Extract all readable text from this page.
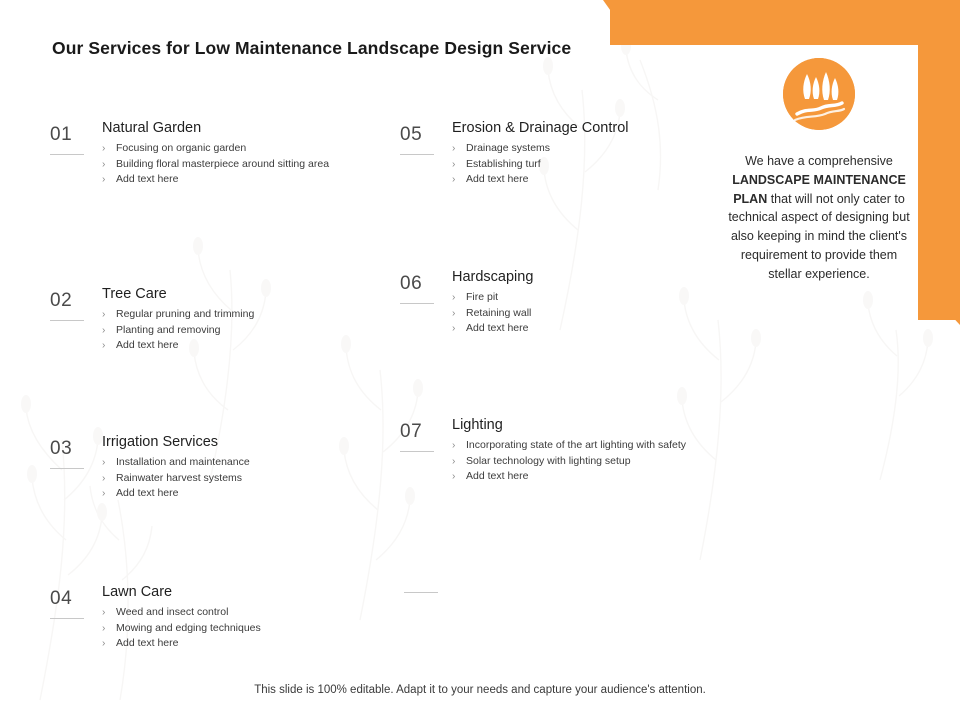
Our Services for Low Maintenance Landscape Design Service
01	Natural Garden
›	Focusing on organic garden
›	Building floral masterpiece around sitting area
›	Add text here
02	Tree Care
›	Regular pruning and trimming
›	Planting and removing
›	Add text here
03	Irrigation Services
›	Installation and maintenance
›	Rainwater harvest systems
›	Add text here
04	Lawn Care
›	Weed and insect control
›	Mowing and edging techniques
›	Add text here
05	Erosion & Drainage Control
›	Drainage systems
›	Establishing turf
›	Add text here
06	Hardscaping
›	Fire pit
›	Retaining wall
›	Add text here
07	Lighting
›	Incorporating state of the art lighting with safety
›	Solar technology with lighting setup
›	Add text here
We have a comprehensive LANDSCAPE MAINTENANCE PLAN that will not only cater to technical aspect of designing but also keeping in mind the client's requirement to provide them stellar experience.
This slide is 100% editable. Adapt it to your needs and capture your audience's attention.
